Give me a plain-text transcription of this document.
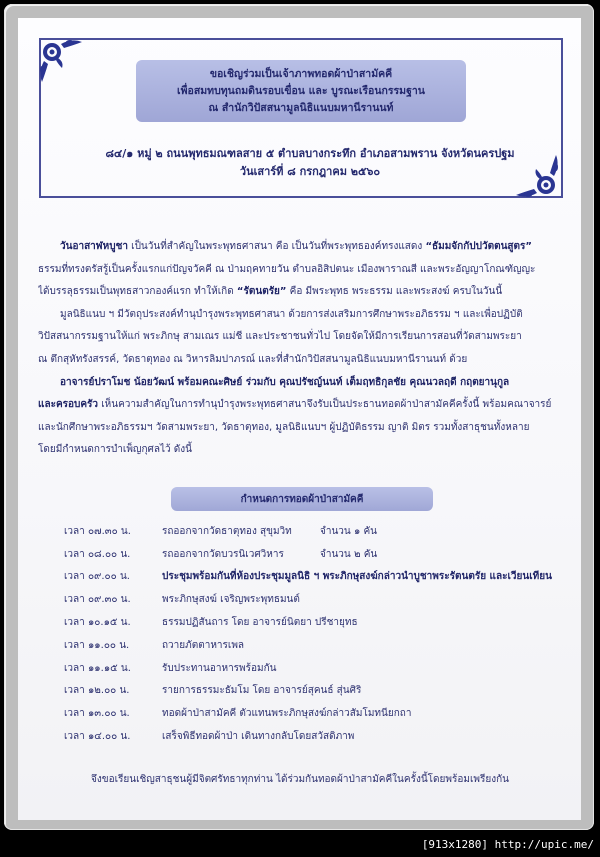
ขอเชิญร่วมเป็นเจ้าภาพทอดผ้าป่าสามัคคี
เพื่อสมทบทุนถมดินรอบเขื่อน และ บูรณะเรือนกรรมฐาน
ณ สำนักวิปัสสนามูลนิธิแนบมหานีรานนท์
๘๔/๑ หมู่ ๒ ถนนพุทธมณฑลสาย ๕ ตำบลบางกระทึก อำเภอสามพราน จังหวัดนครปฐม
วันเสาร์ที่ ๘ กรกฎาคม ๒๕๖๐
วันอาสาฬหบูชา เป็นวันที่สำคัญในพระพุทธศาสนา คือ เป็นวันที่พระพุทธองค์ทรงแสดง “ธัมมจักกัปปวัตตนสูตร”
ธรรมที่ทรงตรัสรู้เป็นครั้งแรกแก่ปัญจวัคคี ณ ป่ามฤคทายวัน ตำบลอิสิปตนะ เมืองพาราณสี และพระอัญญาโกณฑัญญะ
ได้บรรลุธรรมเป็นพุทธสาวกองค์แรก ทำให้เกิด “รัตนตรัย” คือ มีพระพุทธ พระธรรม และพระสงฆ์ ครบในวันนี้
มูลนิธิแนบ ฯ มีวัตถุประสงค์ทำนุบำรุงพระพุทธศาสนา ด้วยการส่งเสริมการศึกษาพระอภิธรรม ฯ และเพื่อปฏิบัติ
วิปัสสนากรรมฐานให้แก่ พระภิกษุ สามเณร แม่ชี และประชาชนทั่วไป โดยจัดให้มีการเรียนการสอนที่วัดสามพระยา
ณ ตึกสุหัทรังสรรค์, วัดธาตุทอง ณ วิหารลิมปาภรณ์ และที่สำนักวิปัสสนามูลนิธิแนบมหานีรานนท์ ด้วย
อาจารย์ปราโมช น้อยวัฒน์ พร้อมคณะศิษย์ ร่วมกับ คุณปรัชญ์นนท์ เต็มฤทธิกุลชัย คุณนวลฤดี กฤตยานุกูล
และครอบครัว เห็นความสำคัญในการทำนุบำรุงพระพุทธศาสนาจึงรับเป็นประธานทอดผ้าป่าสามัคคีครั้งนี้ พร้อมคณาจารย์
และนักศึกษาพระอภิธรรมฯ วัดสามพระยา, วัดธาตุทอง, มูลนิธิแนบฯ ผู้ปฏิบัติธรรม ญาติ มิตร รวมทั้งสาธุชนทั้งหลาย
โดยมีกำหนดการบำเพ็ญกุศลไว้ ดังนี้
กำหนดการทอดผ้าป่าสามัคคี
เวลา ๐๗.๓๐ น.	รถออกจากวัดธาตุทอง สุขุมวิท	จำนวน ๑ คัน
เวลา ๐๘.๐๐ น.	รถออกจากวัดบวรนิเวศวิหาร	จำนวน ๒ คัน
เวลา ๐๙.๐๐ น.	ประชุมพร้อมกันที่ห้องประชุมมูลนิธิ ฯ พระภิกษุสงฆ์กล่าวนำบูชาพระรัตนตรัย และเวียนเทียน
เวลา ๐๙.๓๐ น.	พระภิกษุสงฆ์ เจริญพระพุทธมนต์
เวลา ๑๐.๑๕ น.	ธรรมปฏิสันถาร โดย อาจารย์นิตยา ปรีชายุทธ
เวลา ๑๑.๐๐ น.	ถวายภัตตาหารเพล
เวลา ๑๑.๑๕ น.	รับประทานอาหารพร้อมกัน
เวลา ๑๒.๐๐ น.	รายการธรรมะธัมโม โดย อาจารย์สุคนธ์ สุ่นศิริ
เวลา ๑๓.๐๐ น.	ทอดผ้าป่าสามัคคี ตัวแทนพระภิกษุสงฆ์กล่าวสัมโมทนียกถา
เวลา ๑๔.๐๐ น.	เสร็จพิธีทอดผ้าป่า เดินทางกลับโดยสวัสดิภาพ
จึงขอเรียนเชิญสาธุชนผู้มีจิตศรัทธาทุกท่าน ได้ร่วมกันทอดผ้าป่าสามัคคีในครั้งนี้โดยพร้อมเพรียงกัน
[913x1280] http://upic.me/
